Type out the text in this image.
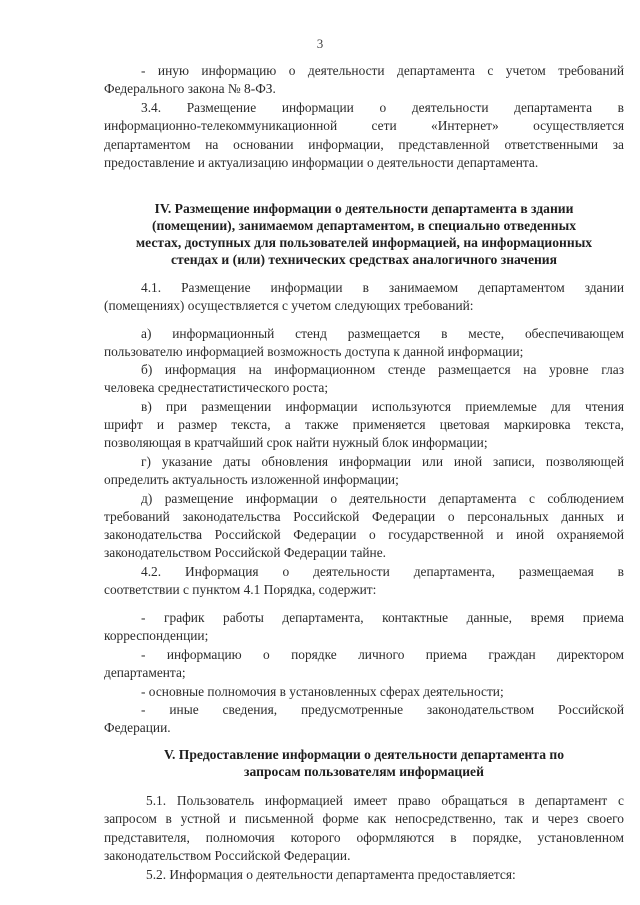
3
- иную информацию о деятельности департамента с учетом требований
Федерального закона № 8-ФЗ.
3.4. Размещение информации о деятельности департамента в
информационно-телекоммуникационной сети «Интернет» осуществляется
департаментом на основании информации, представленной ответственными за
предоставление и актуализацию информации о деятельности департамента.
IV. Размещение информации о деятельности департамента в здании
(помещении), занимаемом департаментом, в специально отведенных
местах, доступных для пользователей информацией, на информационных
стендах и (или) технических средствах аналогичного значения
4.1. Размещение информации в занимаемом департаментом здании
(помещениях) осуществляется с учетом следующих требований:
а) информационный стенд размещается в месте, обеспечивающем
пользователю информацией возможность доступа к данной информации;
б) информация на информационном стенде размещается на уровне глаз
человека среднестатистического роста;
в) при размещении информации используются приемлемые для чтения
шрифт и размер текста, а также применяется цветовая маркировка текста,
позволяющая в кратчайший срок найти нужный блок информации;
г) указание даты обновления информации или иной записи, позволяющей
определить актуальность изложенной информации;
д) размещение информации о деятельности департамента с соблюдением
требований законодательства Российской Федерации о персональных данных и
законодательства Российской Федерации о государственной и иной охраняемой
законодательством Российской Федерации тайне.
4.2. Информация о деятельности департамента, размещаемая в
соответствии с пунктом 4.1 Порядка, содержит:
- график работы департамента, контактные данные, время приема
корреспонденции;
- информацию о порядке личного приема граждан директором
департамента;
- основные полномочия в установленных сферах деятельности;
- иные сведения, предусмотренные законодательством Российской
Федерации.
V. Предоставление информации о деятельности департамента по
запросам пользователям информацией
5.1. Пользователь информацией имеет право обращаться в департамент с
запросом в устной и письменной форме как непосредственно, так и через своего
представителя, полномочия которого оформляются в порядке, установленном
законодательством Российской Федерации.
5.2. Информация о деятельности департамента предоставляется:
